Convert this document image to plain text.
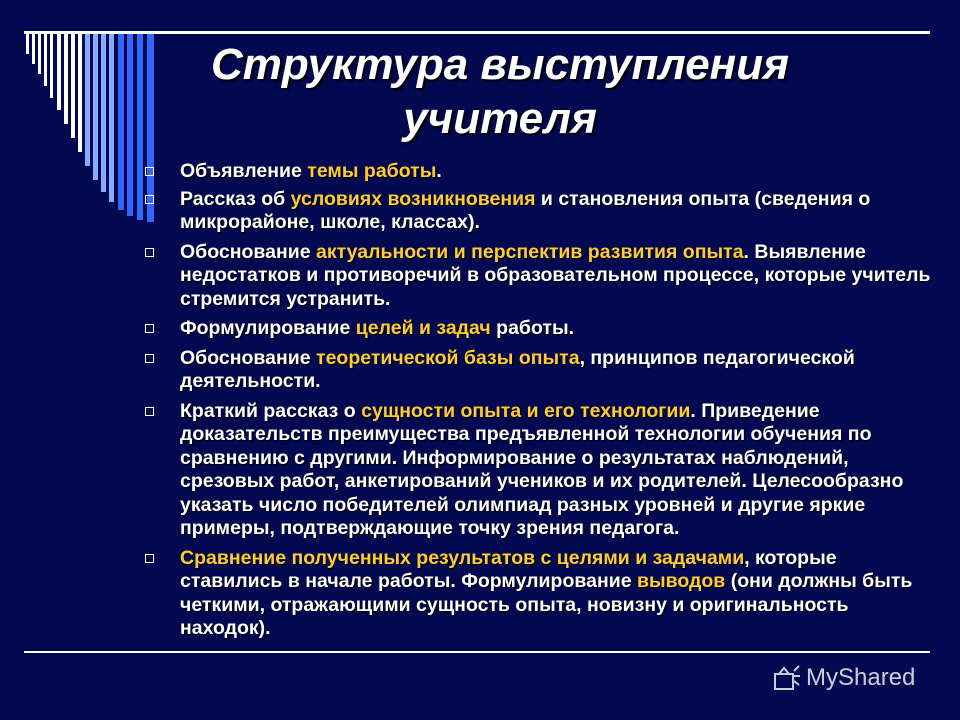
Структура выступления
учителя
Объявление темы работы.
Рассказ об условиях возникновения и становления опыта (сведения о микрорайоне, школе, классах).
Обоснование актуальности и перспектив развития опыта. Выявление недостатков и противоречий в образовательном процессе, которые учитель стремится устранить.
Формулирование целей и задач работы.
Обоснование теоретической базы опыта, принципов педагогической деятельности.
Краткий рассказ о сущности опыта и его технологии. Приведение доказательств преимущества предъявленной технологии обучения по сравнению с другими. Информирование о результатах наблюдений, срезовых работ, анкетирований учеников и их родителей. Целесообразно указать число победителей олимпиад разных уровней и другие яркие примеры, подтверждающие точку зрения педагога.
Сравнение полученных результатов с целями и задачами, которые ставились в начале работы. Формулирование выводов (они должны быть четкими, отражающими сущность опыта, новизну и оригинальность находок).
MyShared
